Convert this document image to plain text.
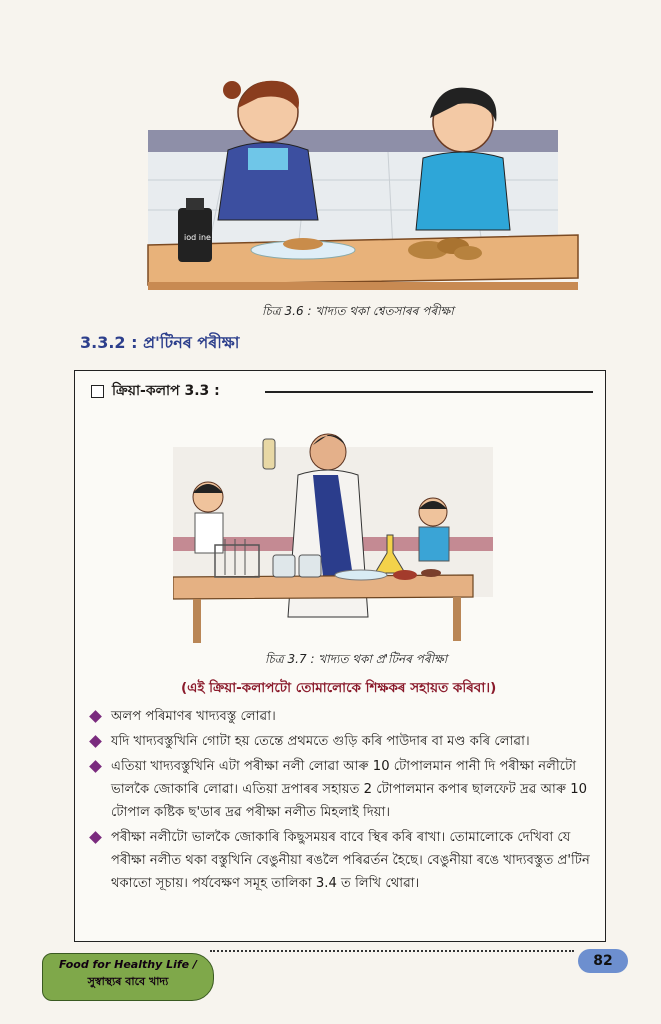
iod ine
চিত্ৰ 3.6 : খাদ্যত থকা শ্বেতসাৰৰ পৰীক্ষা
3.3.2 : প্ৰ'টিনৰ পৰীক্ষা
ক্ৰিয়া-কলাপ 3.3 :
চিত্ৰ 3.7 : খাদ্যত থকা প্ৰ'টিনৰ পৰীক্ষা
(এই ক্ৰিয়া-কলাপটো তোমালোকে শিক্ষকৰ সহায়ত কৰিবা।)
অলপ পৰিমাণৰ খাদ্যবস্তু লোৱা।
যদি খাদ্যবস্তুখিনি গোটা হয় তেন্তে প্ৰথমতে গুড়ি কৰি পাউদাৰ বা মণ্ড কৰি লোৱা।
এতিয়া খাদ্যবস্তুখিনি এটা পৰীক্ষা নলী লোৱা আৰু 10 টোপালমান পানী দি পৰীক্ষা নলীটো ভালকৈ জোকাৰি লোৱা। এতিয়া দ্ৰপাৰৰ সহায়ত 2 টোপালমান কপাৰ ছালফেট দ্ৰৱ আৰু 10 টোপাল কষ্টিক ছ'ডাৰ দ্ৰৱ পৰীক্ষা নলীত মিহলাই দিয়া।
পৰীক্ষা নলীটো ভালকৈ জোকাৰি কিছুসময়ৰ বাবে স্থিৰ কৰি ৰাখা। তোমালোকে দেখিবা যে পৰীক্ষা নলীত থকা বস্তুখিনি বেঙুনীয়া ৰঙলৈ পৰিৱৰ্তন হৈছে। বেঙুনীয়া ৰঙে খাদ্যবস্তুত প্ৰ'টিন থকাতো সূচায়। পৰ্যবেক্ষণ সমূহ তালিকা 3.4 ত লিখি থোৱা।
Food for Healthy Life /
সুস্বাস্থ্যৰ বাবে খাদ্য
82
